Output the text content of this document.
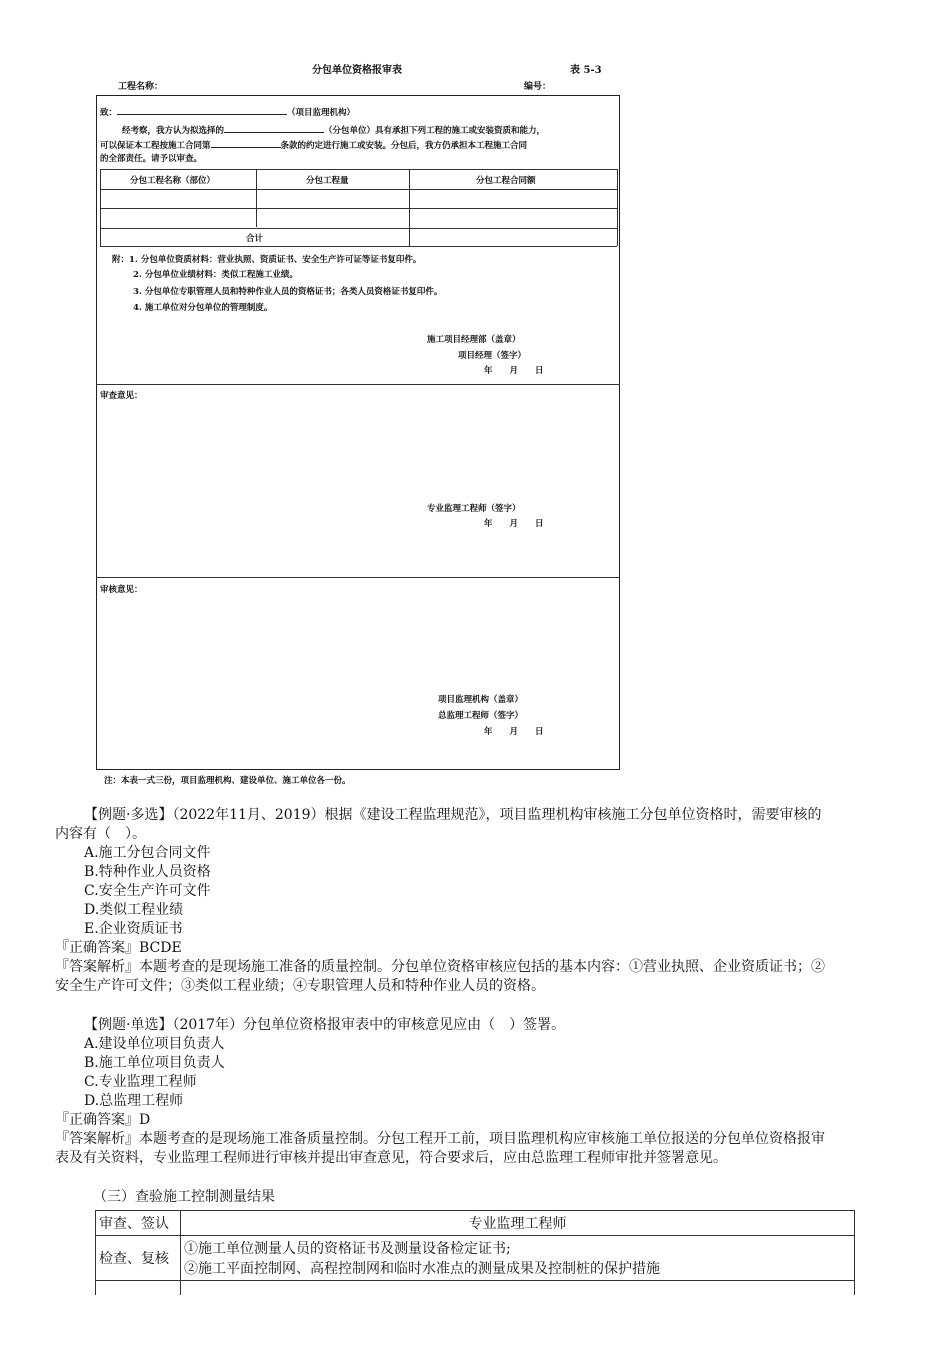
分包单位资格报审表	表 5-3
工程名称：	编号：
致：	（项目监理机构）
经考察，我方认为拟选择的	（分包单位）具有承担下列工程的施工或安装资质和能力，
可以保证本工程按施工合同第	条款的约定进行施工或安装。分包后，我方仍承担本工程施工合同
的全部责任。请予以审查。
分包工程名称（部位）	分包工程量	分包工程合同额
合计
附：1. 分包单位资质材料：营业执照、资质证书、安全生产许可证等证书复印件。
2. 分包单位业绩材料：类似工程施工业绩。
3. 分包单位专职管理人员和特种作业人员的资格证书；各类人员资格证书复印件。
4. 施工单位对分包单位的管理制度。
施工项目经理部（盖章）
项目经理（签字）
年　　月　　日
审查意见：
专业监理工程师（签字）
年　　月　　日
审核意见：
项目监理机构（盖章）
总监理工程师（签字）
年　　月　　日
注：本表一式三份，项目监理机构、建设单位、施工单位各一份。
【例题·多选】（2022年11月、2019）根据《建设工程监理规范》，项目监理机构审核施工分包单位资格时，需要审核的
内容有（　）。
A.施工分包合同文件
B.特种作业人员资格
C.安全生产许可文件
D.类似工程业绩
E.企业资质证书
『正确答案』BCDE
『答案解析』本题考查的是现场施工准备的质量控制。分包单位资格审核应包括的基本内容：①营业执照、企业资质证书；②
安全生产许可文件；③类似工程业绩；④专职管理人员和特种作业人员的资格。
【例题·单选】（2017年）分包单位资格报审表中的审核意见应由（　）签署。
A.建设单位项目负责人
B.施工单位项目负责人
C.专业监理工程师
D.总监理工程师
『正确答案』D
『答案解析』本题考查的是现场施工准备质量控制。分包工程开工前，项目监理机构应审核施工单位报送的分包单位资格报审
表及有关资料，专业监理工程师进行审核并提出审查意见，符合要求后，应由总监理工程师审批并签署意见。
（三）查验施工控制测量结果
审查、签认	专业监理工程师
检查、复核	①施工单位测量人员的资格证书及测量设备检定证书;
②施工平面控制网、高程控制网和临时水准点的测量成果及控制桩的保护措施
